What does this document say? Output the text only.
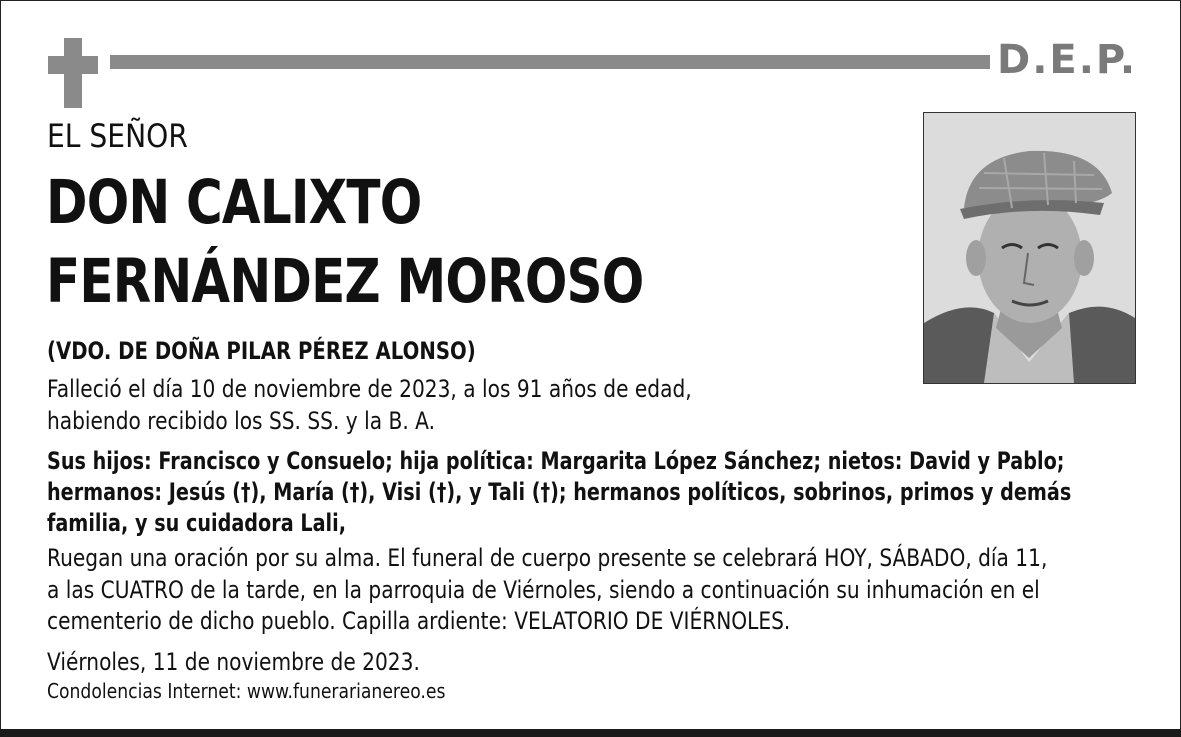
D.E.P.
EL SEÑOR
DON CALIXTO
FERNÁNDEZ MOROSO
(VDO. DE DOÑA PILAR PÉREZ ALONSO)
Falleció el día 10 de noviembre de 2023, a los 91 años de edad,
habiendo recibido los SS. SS. y la B. A.
Sus hijos: Francisco y Consuelo; hija política: Margarita López Sánchez; nietos: David y Pablo;
hermanos: Jesús (†), María (†), Visi (†), y Tali (†); hermanos políticos, sobrinos, primos y demás
familia, y su cuidadora Lali,
Ruegan una oración por su alma. El funeral de cuerpo presente se celebrará HOY, SÁBADO, día 11,
a las CUATRO de la tarde, en la parroquia de Viérnoles, siendo a continuación su inhumación en el
cementerio de dicho pueblo. Capilla ardiente: VELATORIO DE VIÉRNOLES.
Viérnoles, 11 de noviembre de 2023.
Condolencias Internet: www.funerarianereo.es
